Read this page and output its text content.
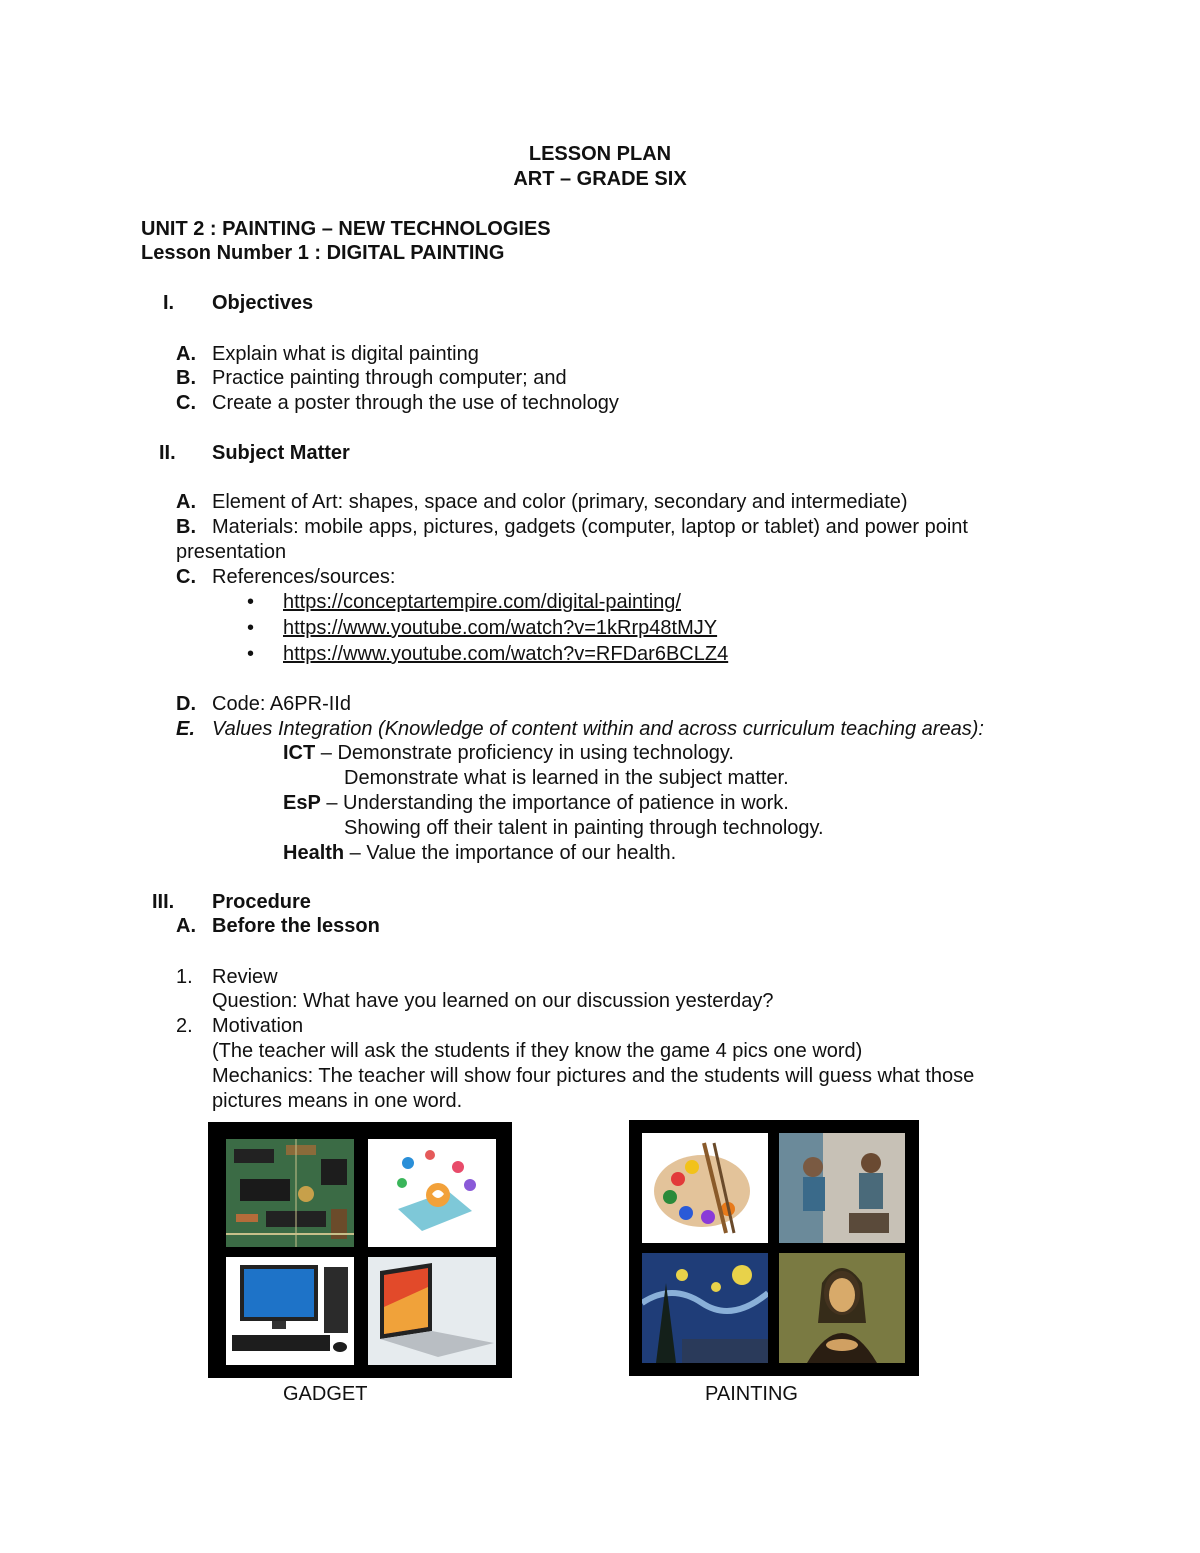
LESSON PLAN
ART – GRADE SIX
UNIT 2 : PAINTING – NEW TECHNOLOGIES
Lesson Number 1 : DIGITAL PAINTING
I. Objectives
A. Explain what is digital painting
B. Practice painting through computer; and
C. Create a poster through the use of technology
II. Subject Matter
A. Element of Art: shapes, space and color (primary, secondary and intermediate)
B. Materials: mobile apps, pictures, gadgets (computer, laptop or tablet) and power point
presentation
C. References/sources:
• https://conceptartempire.com/digital-painting/
• https://www.youtube.com/watch?v=1kRrp48tMJY
• https://www.youtube.com/watch?v=RFDar6BCLZ4
D. Code: A6PR-IId
E. Values Integration (Knowledge of content within and across curriculum teaching areas):
ICT – Demonstrate proficiency in using technology.
Demonstrate what is learned in the subject matter.
EsP – Understanding the importance of patience in work.
Showing off their talent in painting through technology.
Health – Value the importance of our health.
III. Procedure
A. Before the lesson
1. Review
Question: What have you learned on our discussion yesterday?
2. Motivation
(The teacher will ask the students if they know the game 4 pics one word)
Mechanics: The teacher will show four pictures and the students will guess what those
pictures means in one word.
GADGET	PAINTING
